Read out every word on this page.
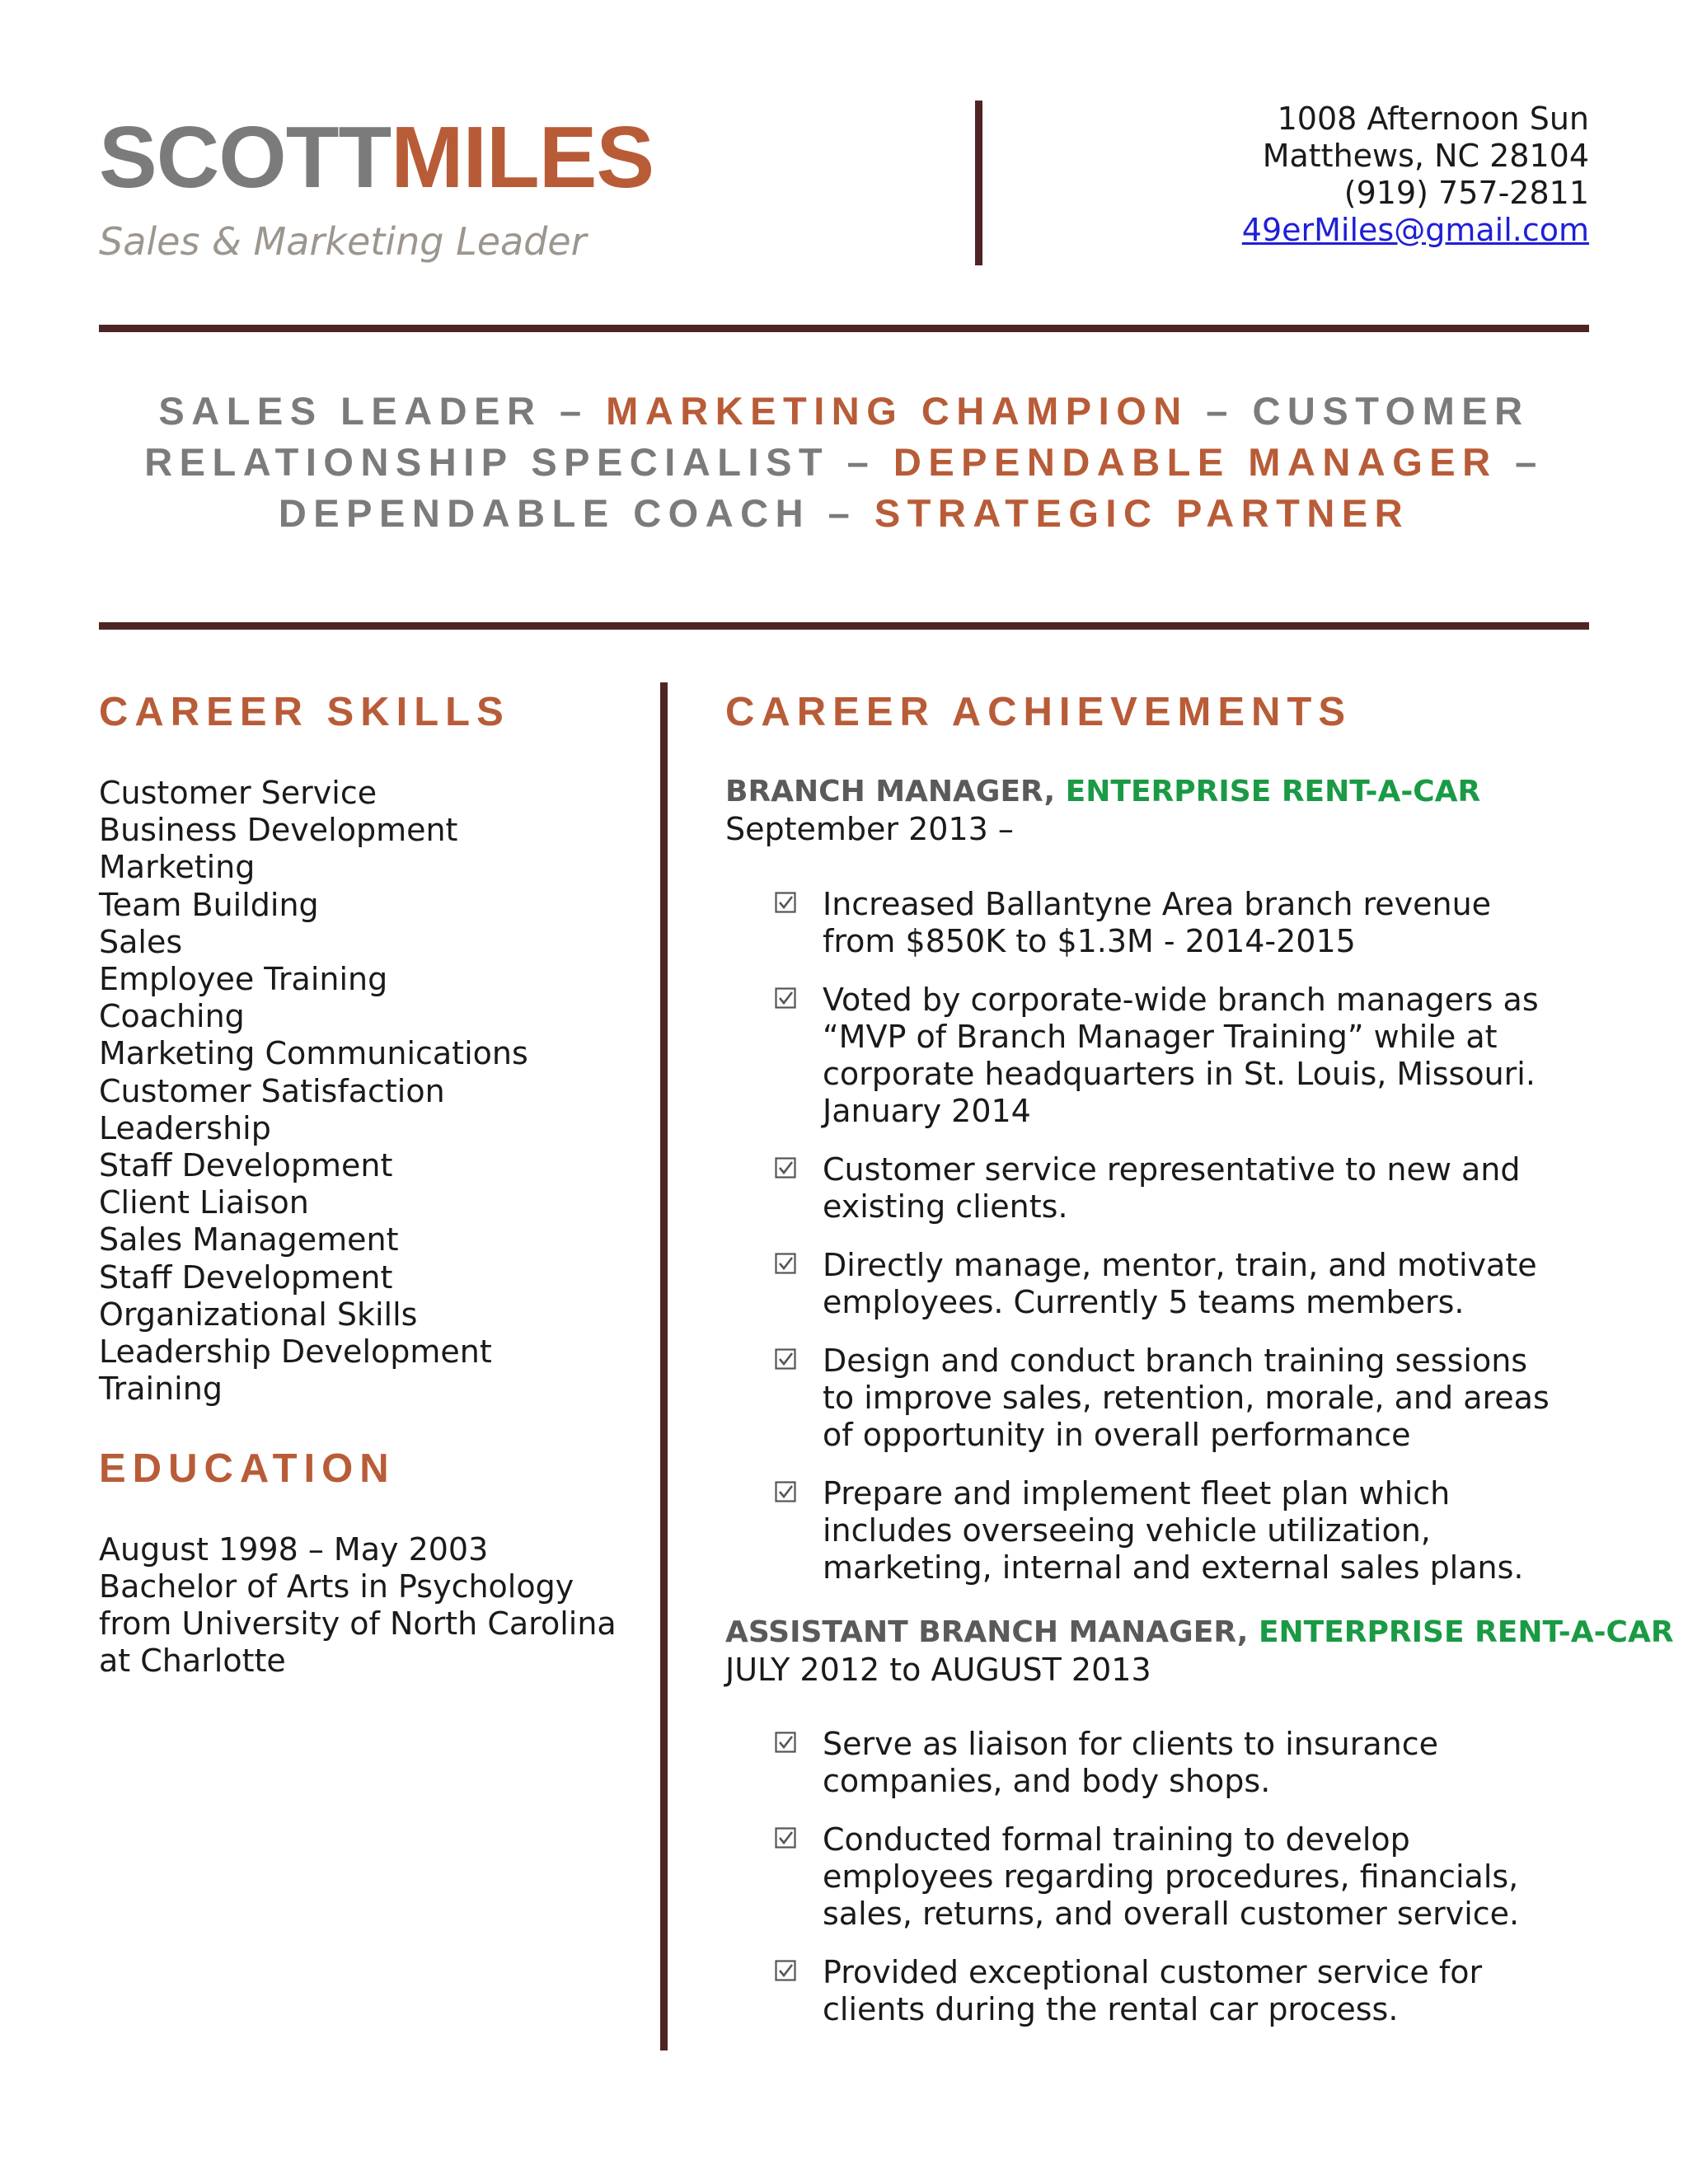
SCOTTMILES
Sales & Marketing Leader
1008 Afternoon Sun
Matthews, NC 28104
(919) 757-2811
49erMiles@gmail.com
SALES LEADER – MARKETING CHAMPION – CUSTOMER RELATIONSHIP SPECIALIST – DEPENDABLE MANAGER – DEPENDABLE COACH – STRATEGIC PARTNER
CAREER SKILLS
Customer Service
Business Development
Marketing
Team Building
Sales
Employee Training
Coaching
Marketing Communications
Customer Satisfaction
Leadership
Staff Development
Client Liaison
Sales Management
Staff Development
Organizational Skills
Leadership Development
Training
EDUCATION
August 1998 – May 2003
Bachelor of Arts in Psychology
from University of North Carolina
at Charlotte
CAREER ACHIEVEMENTS
BRANCH MANAGER, ENTERPRISE RENT-A-CAR
September 2013 –
Increased Ballantyne Area branch revenue from $850K to $1.3M - 2014-2015
Voted by corporate-wide branch managers as “MVP of Branch Manager Training” while at corporate headquarters in St. Louis, Missouri. January 2014
Customer service representative to new and existing clients.
Directly manage, mentor, train, and motivate employees. Currently 5 teams members.
Design and conduct branch training sessions to improve sales, retention, morale, and areas of opportunity in overall performance
Prepare and implement fleet plan which includes overseeing vehicle utilization, marketing, internal and external sales plans.
ASSISTANT BRANCH MANAGER, ENTERPRISE RENT-A-CAR
JULY 2012 to AUGUST 2013
Serve as liaison for clients to insurance companies, and body shops.
Conducted formal training to develop employees regarding procedures, financials, sales, returns, and overall customer service.
Provided exceptional customer service for clients during the rental car process.
